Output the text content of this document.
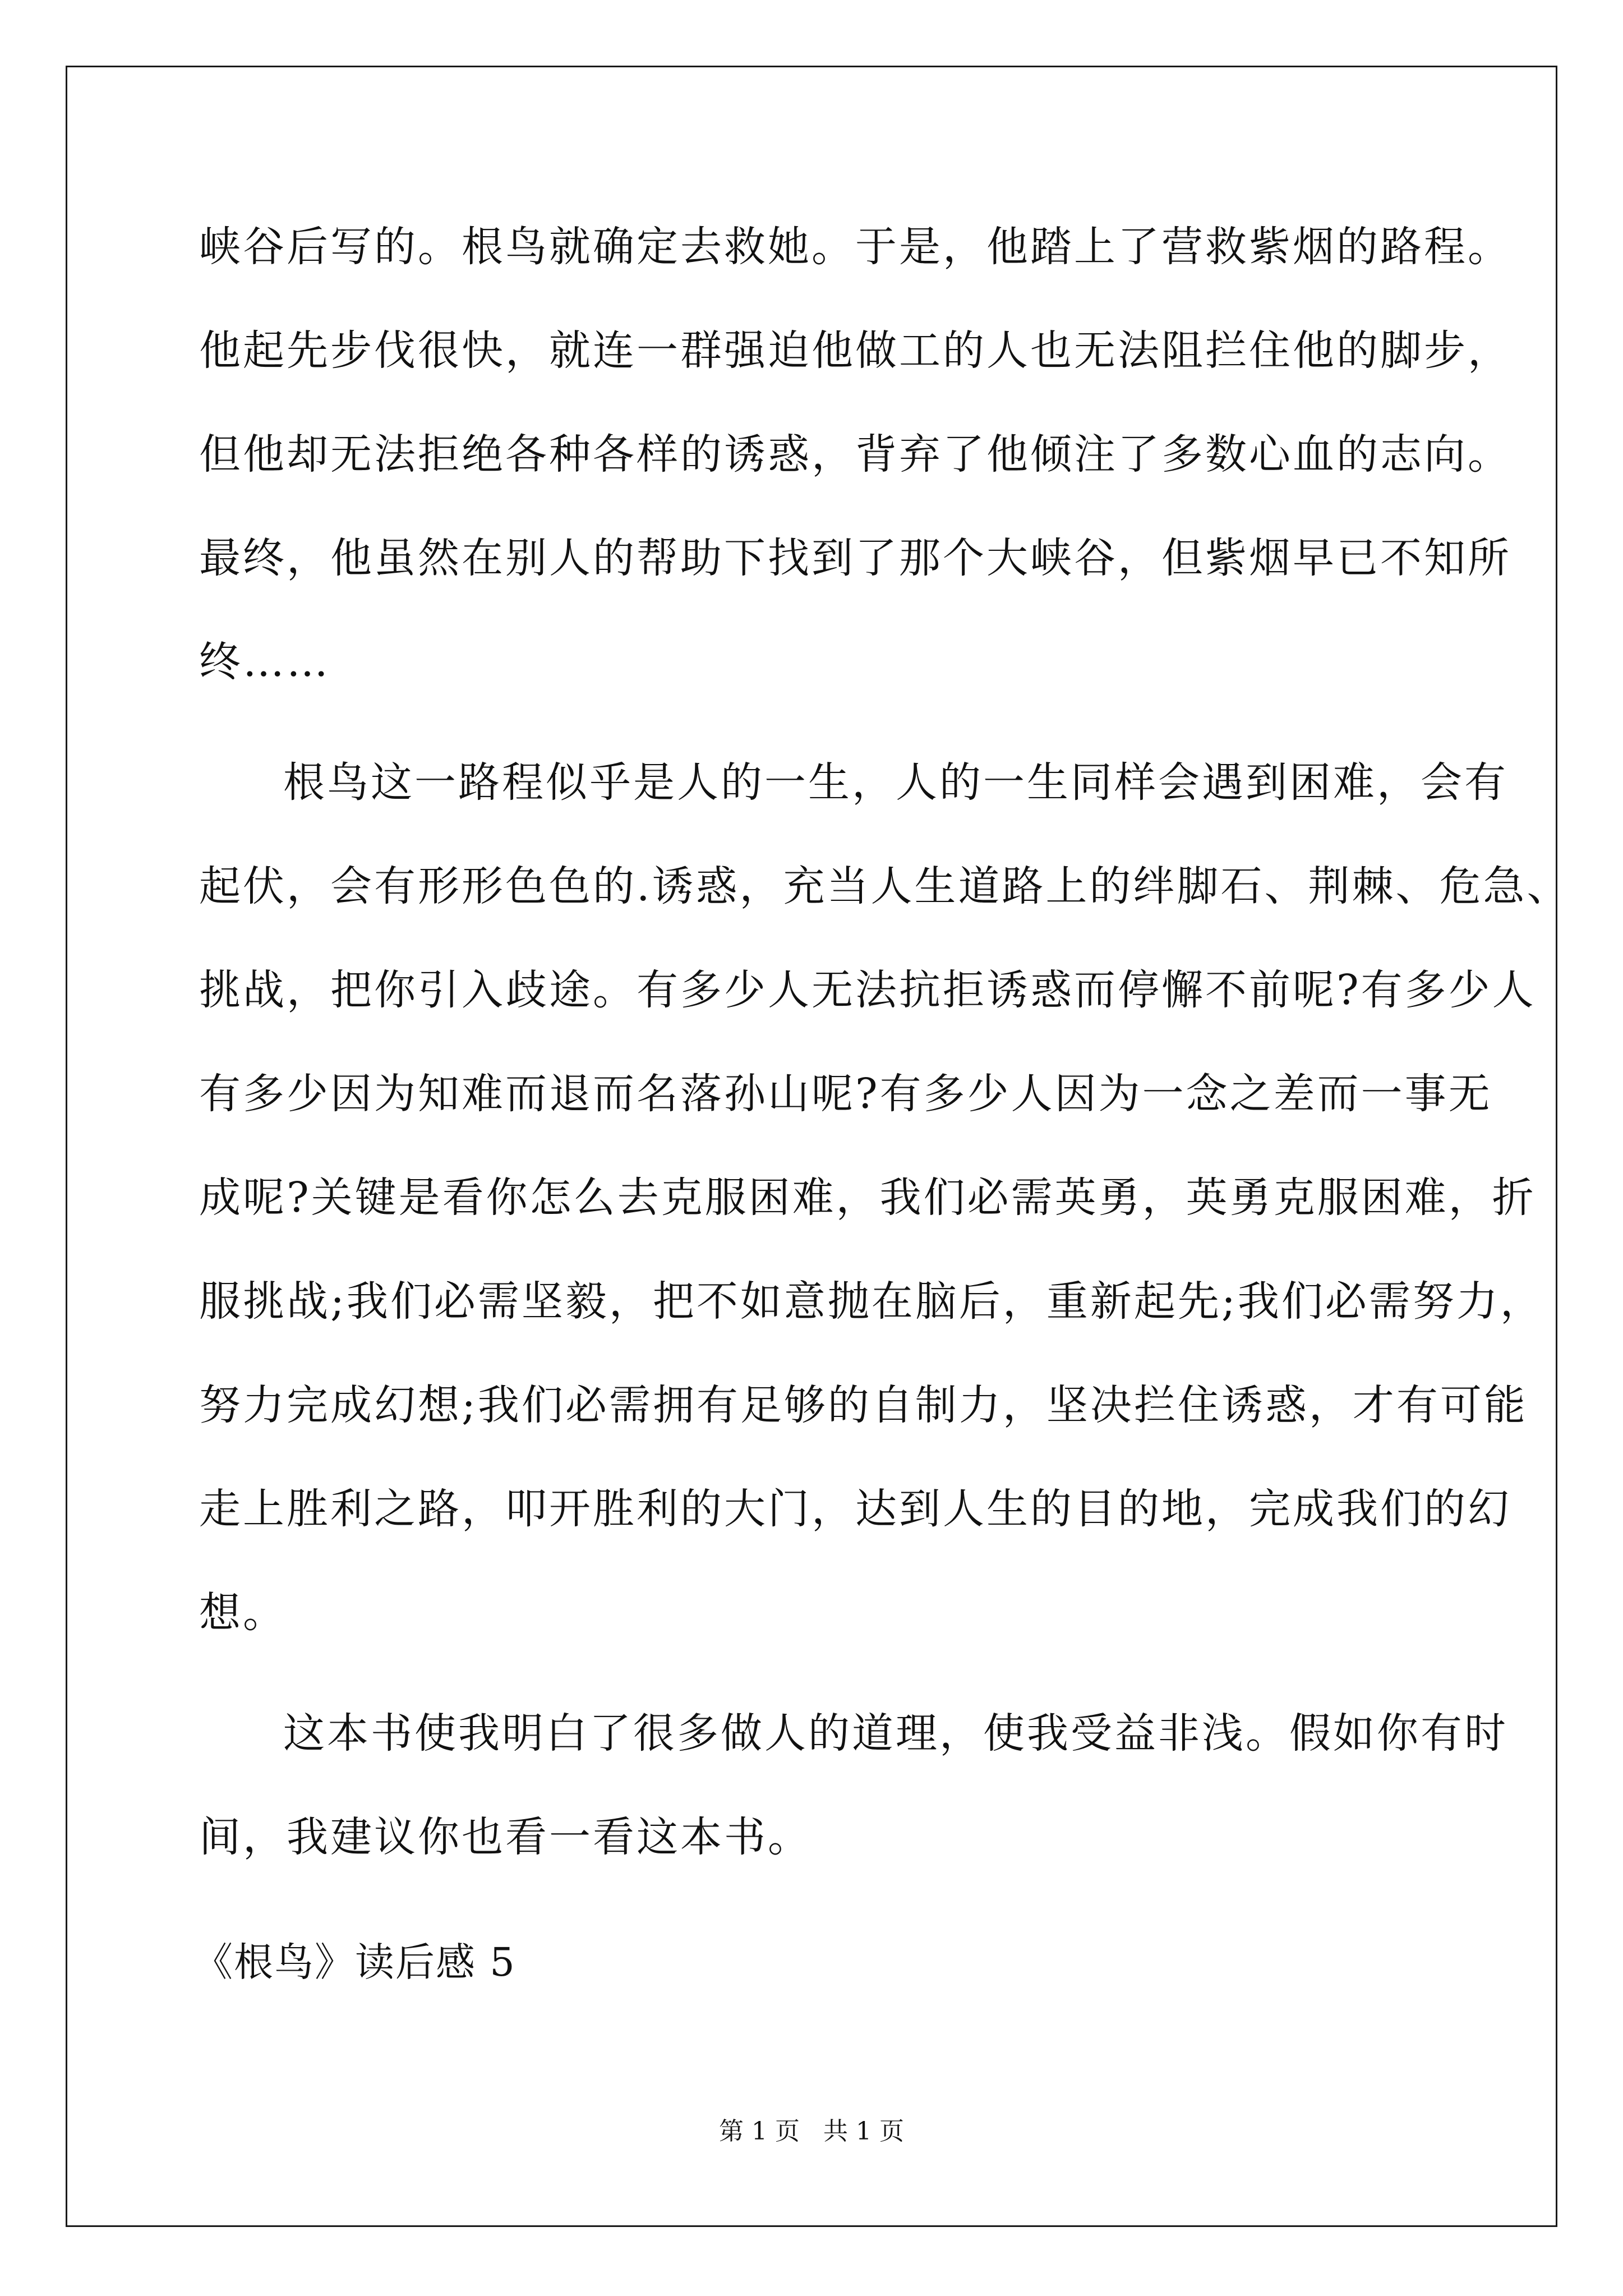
峡谷后写的。根鸟就确定去救她。于是，他踏上了营救紫烟的路程。
他起先步伐很快，就连一群强迫他做工的人也无法阻拦住他的脚步，
但他却无法拒绝各种各样的诱惑，背弃了他倾注了多数心血的志向。
最终，他虽然在别人的帮助下找到了那个大峡谷，但紫烟早已不知所
终……
根鸟这一路程似乎是人的一生，人的一生同样会遇到困难，会有
起伏，会有形形色色的.诱惑，充当人生道路上的绊脚石、荆棘、危急、
挑战，把你引入歧途。有多少人无法抗拒诱惑而停懈不前呢?有多少人
有多少因为知难而退而名落孙山呢?有多少人因为一念之差而一事无
成呢?关键是看你怎么去克服困难，我们必需英勇，英勇克服困难，折
服挑战;我们必需坚毅，把不如意抛在脑后，重新起先;我们必需努力，
努力完成幻想;我们必需拥有足够的自制力，坚决拦住诱惑，才有可能
走上胜利之路，叩开胜利的大门，达到人生的目的地，完成我们的幻
想。
这本书使我明白了很多做人的道理，使我受益非浅。假如你有时
间，我建议你也看一看这本书。
《根鸟》读后感 5
第 1 页   共 1 页
